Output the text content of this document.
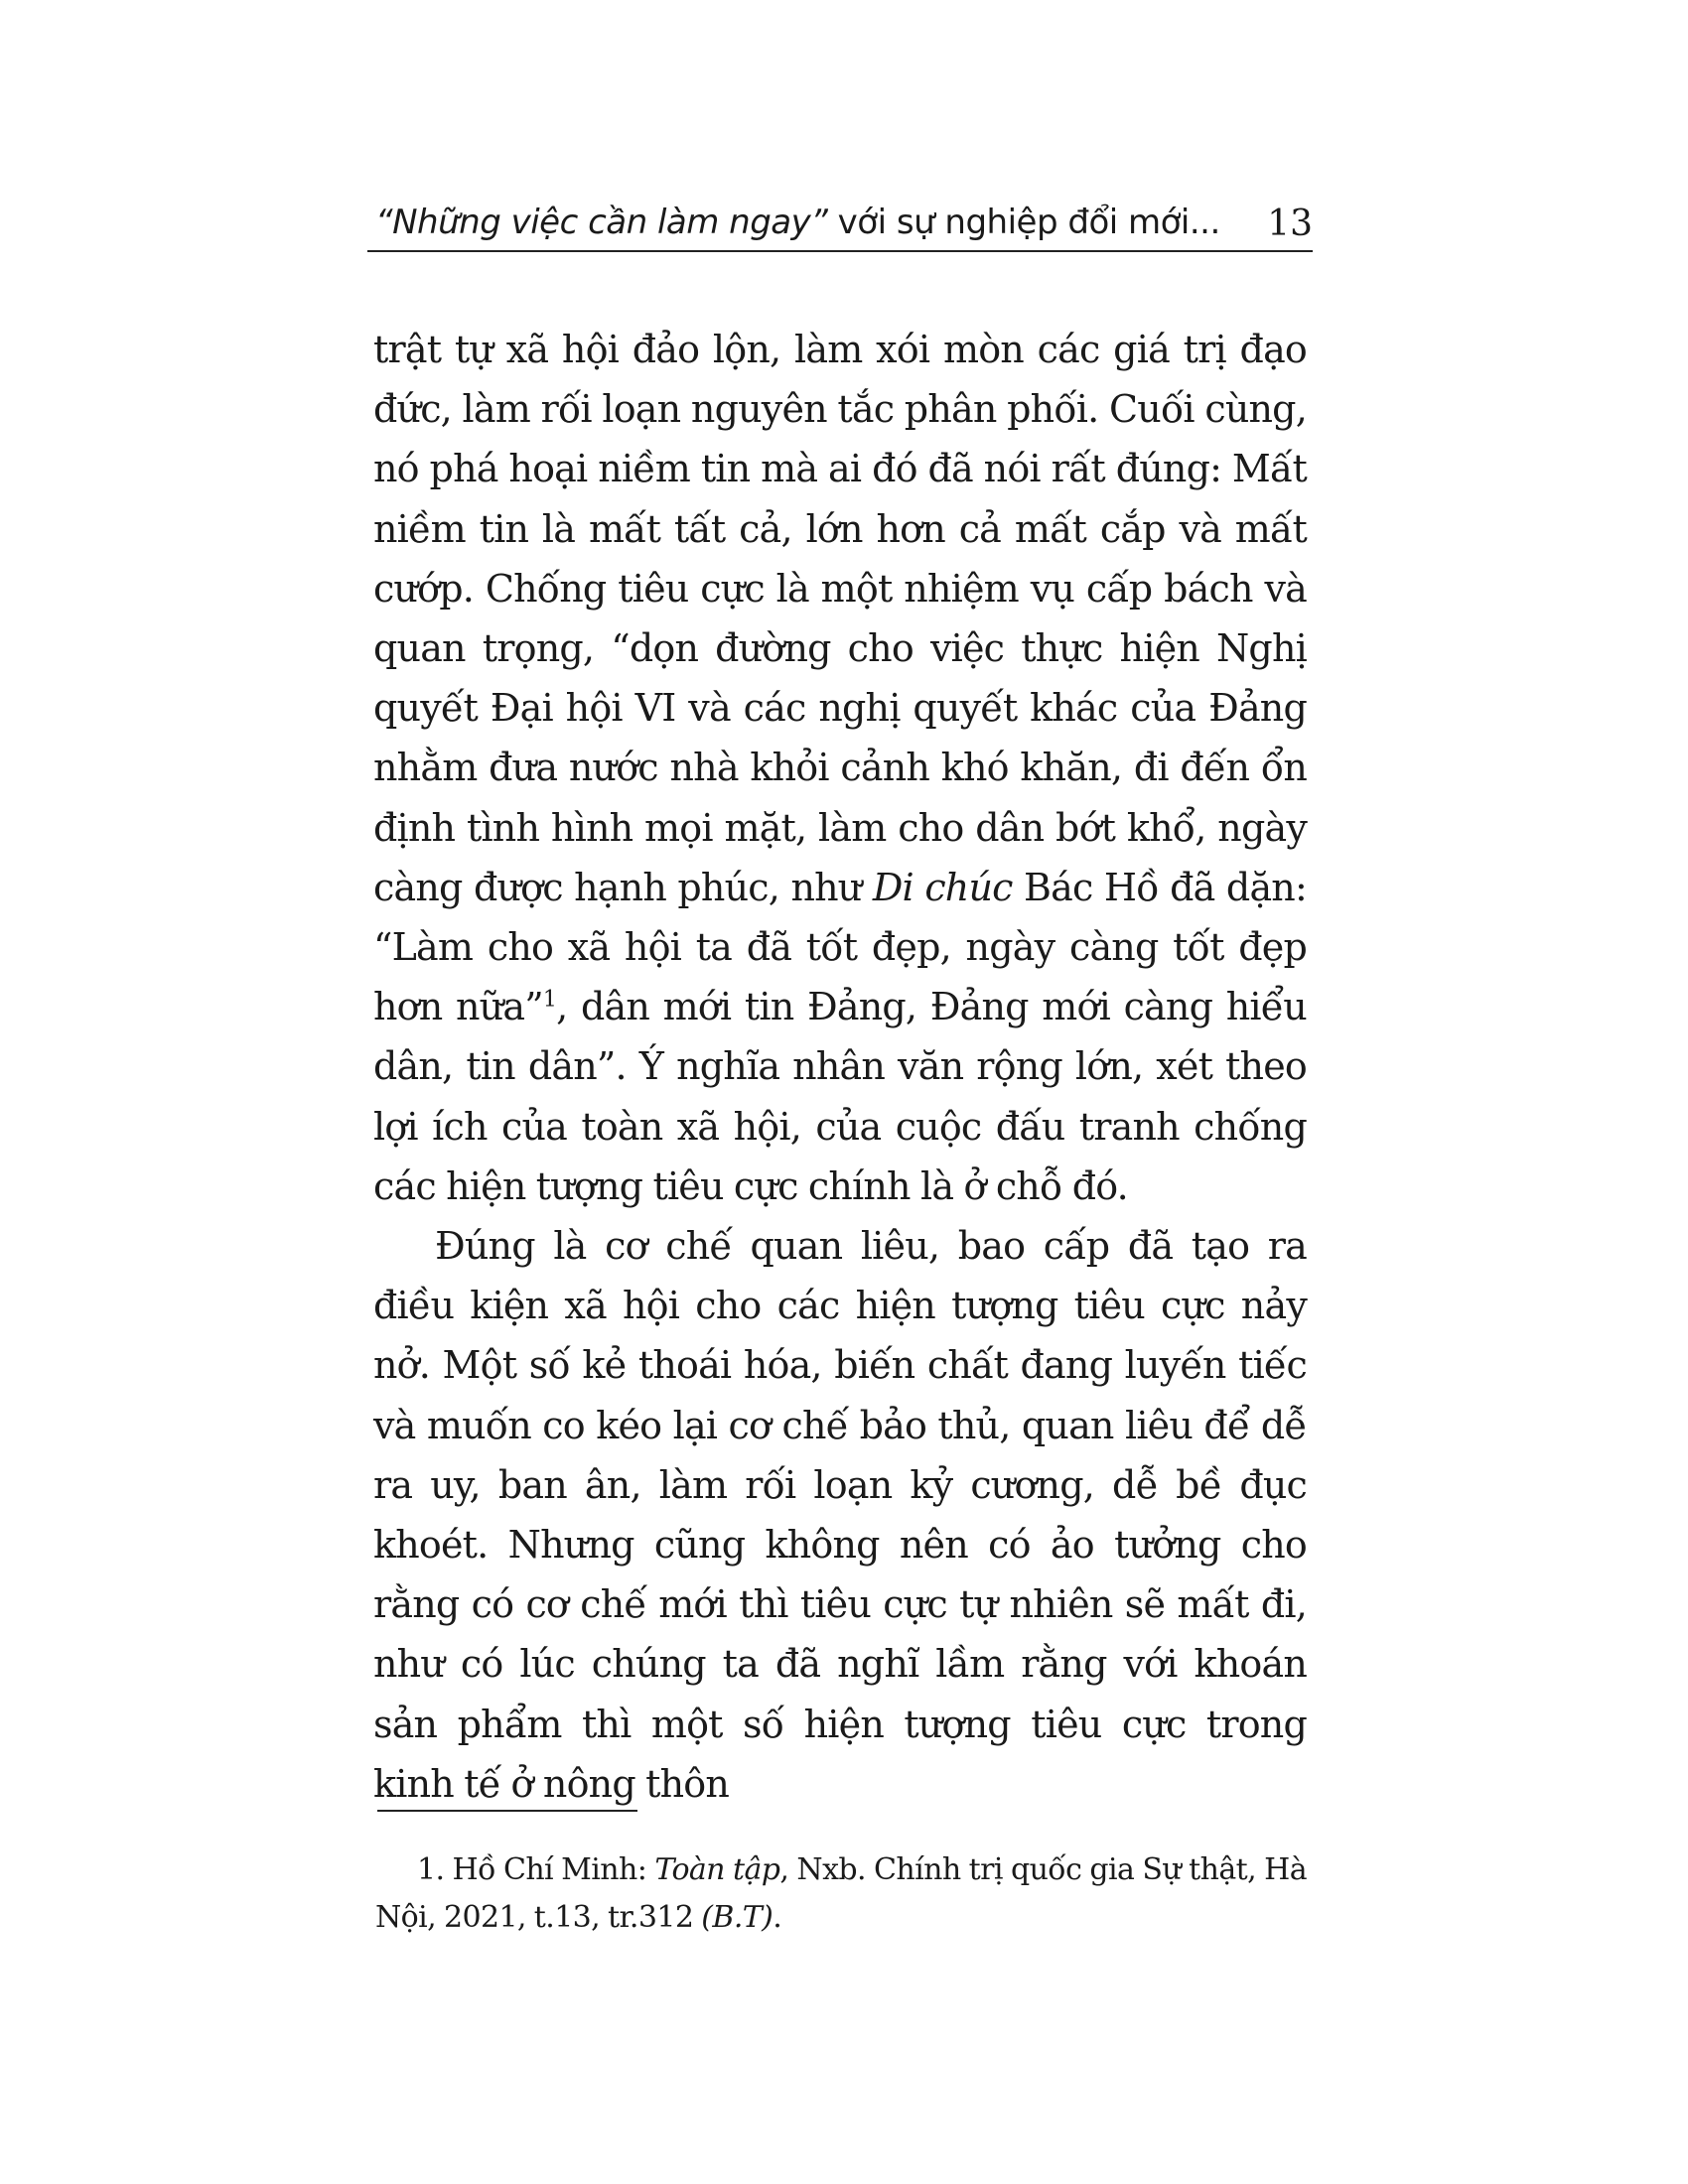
“Những việc cần làm ngay” với sự nghiệp đổi mới... 13

trật tự xã hội đảo lộn, làm xói mòn các giá trị đạo đức, làm rối loạn nguyên tắc phân phối. Cuối cùng, nó phá hoại niềm tin mà ai đó đã nói rất đúng: Mất niềm tin là mất tất cả, lớn hơn cả mất cắp và mất cướp. Chống tiêu cực là một nhiệm vụ cấp bách và quan trọng, “dọn đường cho việc thực hiện Nghị quyết Đại hội VI và các nghị quyết khác của Đảng nhằm đưa nước nhà khỏi cảnh khó khăn, đi đến ổn định tình hình mọi mặt, làm cho dân bớt khổ, ngày càng được hạnh phúc, như Di chúc Bác Hồ đã dặn: “Làm cho xã hội ta đã tốt đẹp, ngày càng tốt đẹp hơn nữa”$^1$, dân mới tin Đảng, Đảng mới càng hiểu dân, tin dân”. Ý nghĩa nhân văn rộng lớn, xét theo lợi ích của toàn xã hội, của cuộc đấu tranh chống các hiện tượng tiêu cực chính là ở chỗ đó.

Đúng là cơ chế quan liêu, bao cấp đã tạo ra điều kiện xã hội cho các hiện tượng tiêu cực nảy nở. Một số kẻ thoái hóa, biến chất đang luyến tiếc và muốn co kéo lại cơ chế bảo thủ, quan liêu để dễ ra uy, ban ân, làm rối loạn kỷ cương, dễ bề đục khoét. Nhưng cũng không nên có ảo tưởng cho rằng có cơ chế mới thì tiêu cực tự nhiên sẽ mất đi, như có lúc chúng ta đã nghĩ lầm rằng với khoán sản phẩm thì một số hiện tượng tiêu cực trong kinh tế ở nông thôn

1. Hồ Chí Minh: Toàn tập, Nxb. Chính trị quốc gia Sự thật, Hà Nội, 2021, t.13, tr.312 (B.T).
